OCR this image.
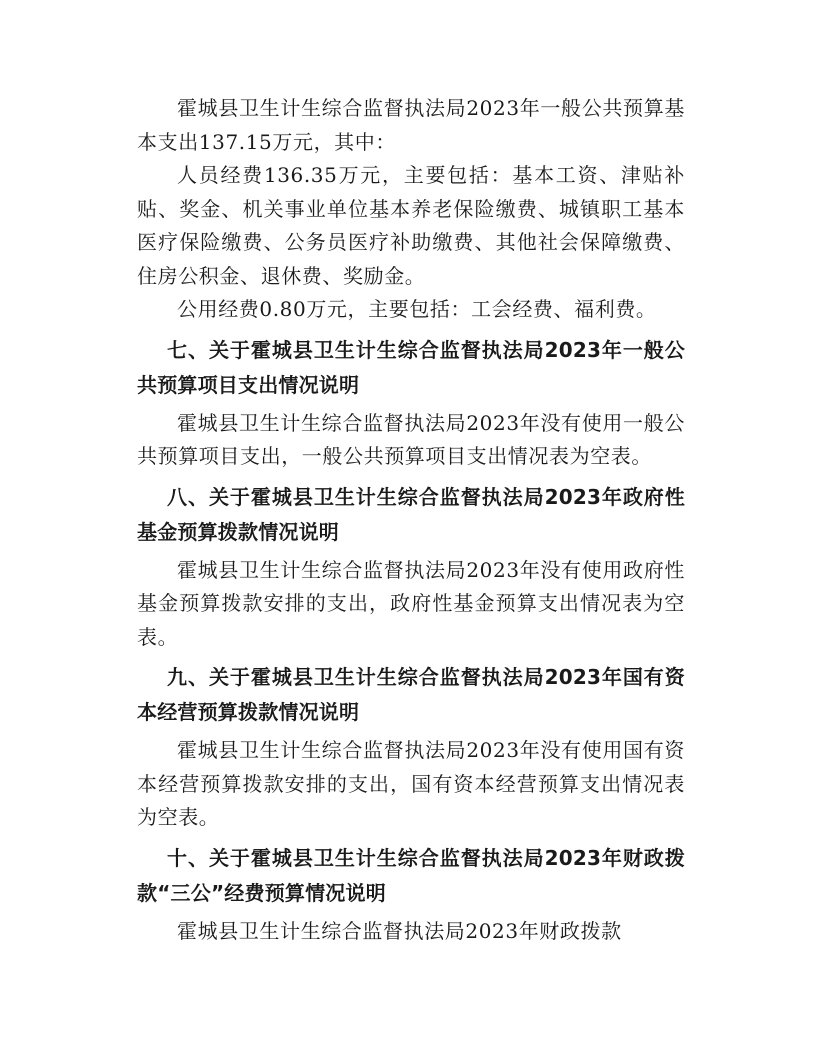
霍城县卫生计生综合监督执法局2023年一般公共预算基本支出137.15万元，其中：

人员经费136.35万元，主要包括：基本工资、津贴补贴、奖金、机关事业单位基本养老保险缴费、城镇职工基本医疗保险缴费、公务员医疗补助缴费、其他社会保障缴费、住房公积金、退休费、奖励金。

公用经费0.80万元，主要包括：工会经费、福利费。

七、关于霍城县卫生计生综合监督执法局2023年一般公共预算项目支出情况说明

霍城县卫生计生综合监督执法局2023年没有使用一般公共预算项目支出，一般公共预算项目支出情况表为空表。

八、关于霍城县卫生计生综合监督执法局2023年政府性基金预算拨款情况说明

霍城县卫生计生综合监督执法局2023年没有使用政府性基金预算拨款安排的支出，政府性基金预算支出情况表为空表。

九、关于霍城县卫生计生综合监督执法局2023年国有资本经营预算拨款情况说明

霍城县卫生计生综合监督执法局2023年没有使用国有资本经营预算拨款安排的支出，国有资本经营预算支出情况表为空表。

十、关于霍城县卫生计生综合监督执法局2023年财政拨款“三公”经费预算情况说明

霍城县卫生计生综合监督执法局2023年财政拨款
